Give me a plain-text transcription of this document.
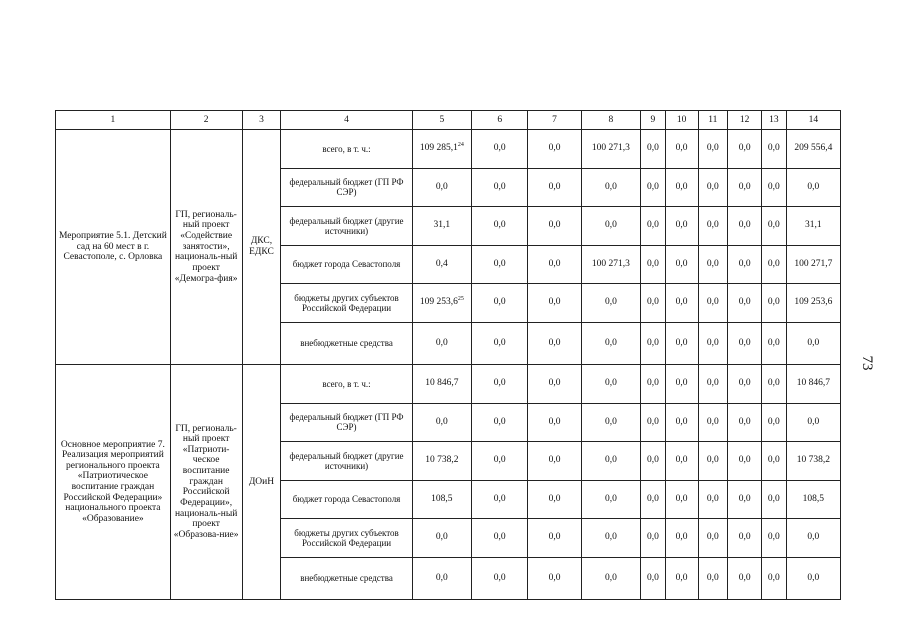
1	2	3	4	5	6	7	8	9	10	11	12	13	14
Мероприятие 5.1. Детский сад на 60 мест в г. Севастополе, с. Орловка	ГП, региональ-ный проект «Содействие занятости», националь-ный проект «Демогра-фия»	ДКС, ЕДКС	всего, в т. ч.:	109 285,1$^{24}$	0,0	0,0	100 271,3	0,0	0,0	0,0	0,0	0,0	209 556,4
			федеральный бюджет (ГП РФ СЭР)	0,0	0,0	0,0	0,0	0,0	0,0	0,0	0,0	0,0	0,0
			федеральный бюджет (другие источники)	31,1	0,0	0,0	0,0	0,0	0,0	0,0	0,0	0,0	31,1
			бюджет города Севастополя	0,4	0,0	0,0	100 271,3	0,0	0,0	0,0	0,0	0,0	100 271,7
			бюджеты других субъектов Российской Федерации	109 253,6$^{25}$	0,0	0,0	0,0	0,0	0,0	0,0	0,0	0,0	109 253,6
			внебюджетные средства	0,0	0,0	0,0	0,0	0,0	0,0	0,0	0,0	0,0	0,0
Основное мероприятие 7. Реализация мероприятий регионального проекта «Патриотическое воспитание граждан Российской Федерации» национального проекта «Образование»	ГП, региональ-ный проект «Патриоти-ческое воспитание граждан Российской Федерации», националь-ный проект «Образова-ние»	ДОиН	всего, в т. ч.:	10 846,7	0,0	0,0	0,0	0,0	0,0	0,0	0,0	0,0	10 846,7
			федеральный бюджет (ГП РФ СЭР)	0,0	0,0	0,0	0,0	0,0	0,0	0,0	0,0	0,0	0,0
			федеральный бюджет (другие источники)	10 738,2	0,0	0,0	0,0	0,0	0,0	0,0	0,0	0,0	10 738,2
			бюджет города Севастополя	108,5	0,0	0,0	0,0	0,0	0,0	0,0	0,0	0,0	108,5
			бюджеты других субъектов Российской Федерации	0,0	0,0	0,0	0,0	0,0	0,0	0,0	0,0	0,0	0,0
			внебюджетные средства	0,0	0,0	0,0	0,0	0,0	0,0	0,0	0,0	0,0	0,0
73
